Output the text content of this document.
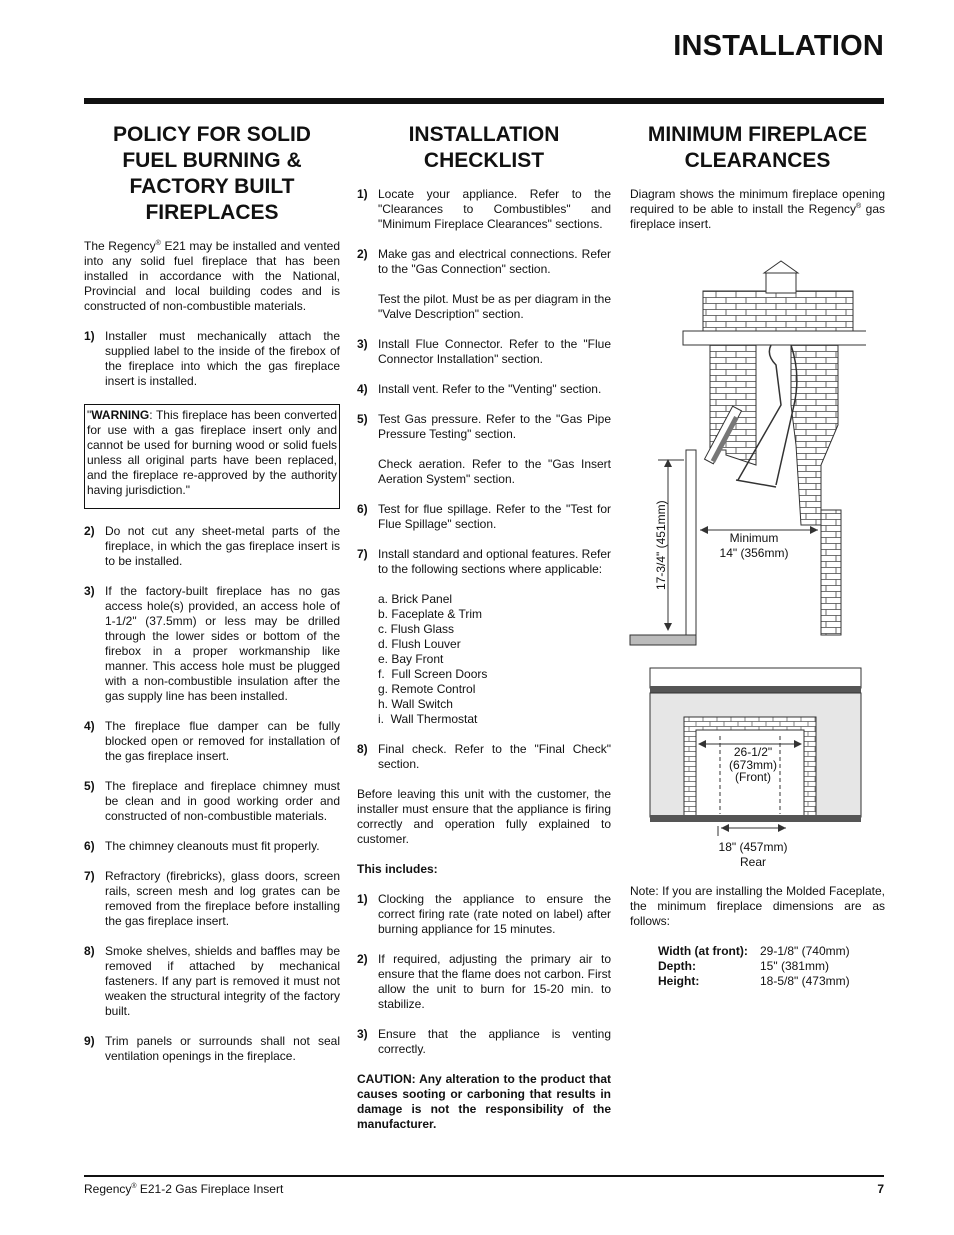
INSTALLATION
POLICY FOR SOLID FUEL BURNING & FACTORY BUILT FIREPLACES

The Regency® E21 may be installed and vented into any solid fuel fireplace that has been installed in accordance with the National, Provincial and local building codes and is constructed of non-combustible materials.

1) Installer must mechanically attach the supplied label to the inside of the firebox of the fireplace into which the gas fireplace insert is installed.
"WARNING: This fireplace has been converted for use with a gas fireplace insert only and cannot be used for burning wood or solid fuels unless all original parts have been replaced, and the fireplace re-approved by the authority having jurisdiction."
2) Do not cut any sheet-metal parts of the fireplace, in which the gas fireplace insert is to be installed.
3) If the factory-built fireplace has no gas access hole(s) provided, an access hole of 1-1/2" (37.5mm) or less may be drilled through the lower sides or bottom of the firebox in a proper workmanship like manner. This access hole must be plugged with a non-combustible insulation after the gas supply line has been installed.
4) The fireplace flue damper can be fully blocked open or removed for installation of the gas fireplace insert.
5) The fireplace and fireplace chimney must be clean and in good working order and constructed of non-combustible materials.
6) The chimney cleanouts must fit properly.
7) Refractory (firebricks), glass doors, screen rails, screen mesh and log grates can be removed from the fireplace before installing the gas fireplace insert.
8) Smoke shelves, shields and baffles may be removed if attached by mechanical fasteners. If any part is removed it must not weaken the structural integrity of the factory built.
9) Trim panels or surrounds shall not seal ventilation openings in the fireplace.
INSTALLATION CHECKLIST
1) Locate your appliance. Refer to the "Clearances to Combustibles" and "Minimum Fireplace Clearances" sections.
2) Make gas and electrical connections. Refer to the "Gas Connection" section.
Test the pilot. Must be as per diagram in the "Valve Description" section.
3) Install Flue Connector. Refer to the "Flue Connector Installation" section.
4) Install vent. Refer to the "Venting" section.
5) Test Gas pressure. Refer to the "Gas Pipe Pressure Testing" section.
Check aeration. Refer to the "Gas Insert Aeration System" section.
6) Test for flue spillage. Refer to the "Test for Flue Spillage" section.
7) Install standard and optional features. Refer to the following sections where applicable:
a. Brick Panel
b. Faceplate & Trim
c. Flush Glass
d. Flush Louver
e. Bay Front
f.  Full Screen Doors
g. Remote Control
h. Wall Switch
i.  Wall Thermostat
8) Final check. Refer to the "Final Check" section.

Before leaving this unit with the customer, the installer must ensure that the appliance is firing correctly and operation fully explained to customer.

This includes:

1) Clocking the appliance to ensure the correct firing rate (rate noted on label) after burning appliance for 15 minutes.
2) If required, adjusting the primary air to ensure that the flame does not carbon. First allow the unit to burn for 15-20 min. to stabilize.
3) Ensure that the appliance is venting correctly.

CAUTION: Any alteration to the product that causes sooting or carboning that results in damage is not the responsibility of the manufacturer.

MINIMUM FIREPLACE CLEARANCES

Diagram shows the minimum fireplace opening required to be able to install the Regency® gas fireplace insert.

17-3/4" (451mm)	Minimum
14" (356mm)
26-1/2"
(673mm)
(Front)
18" (457mm)
Rear

Note: If you are installing the Molded Faceplate, the minimum fireplace dimensions are as follows:

Width (at front):	29-1/8" (740mm)
Depth:	15" (381mm)
Height:	18-5/8" (473mm)
Regency® E21-2 Gas Fireplace Insert	7
